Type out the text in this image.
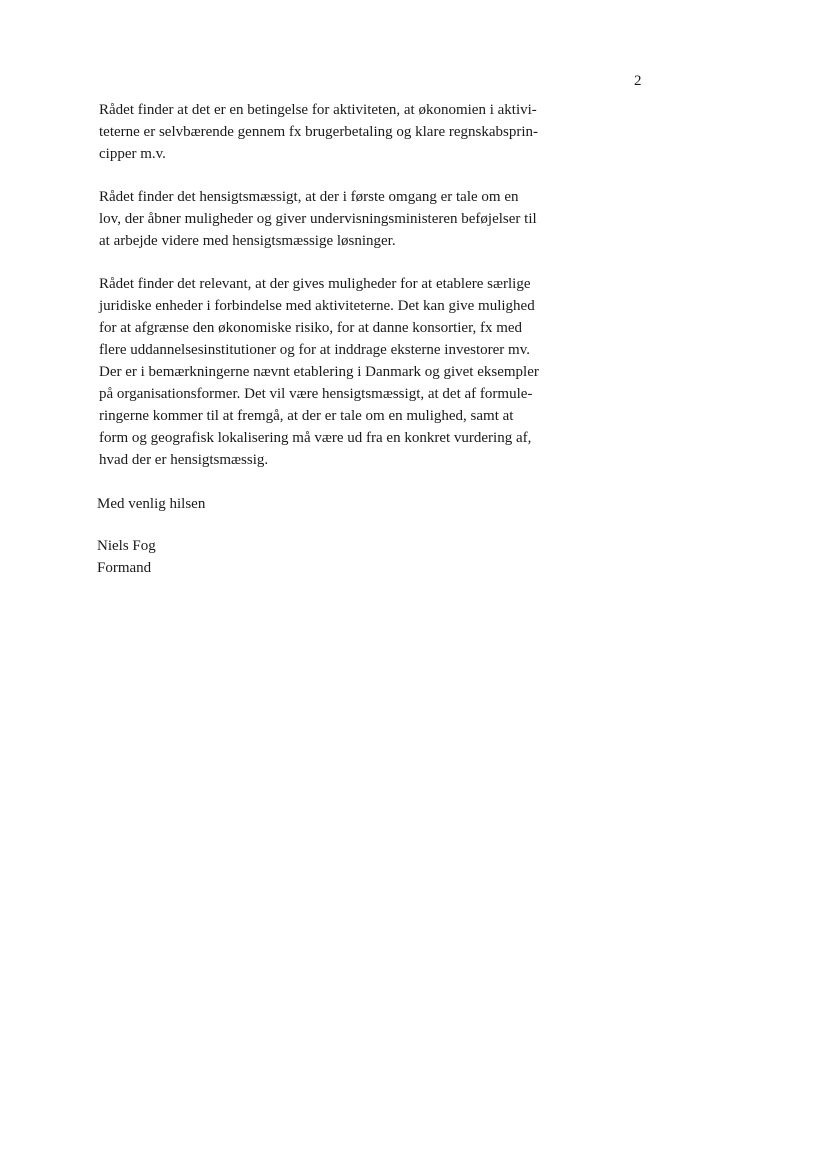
2
Rådet finder at det er en betingelse for aktiviteten, at økonomien i aktivi-
teterne er selvbærende gennem fx brugerbetaling og klare regnskabsprin-
cipper m.v.
Rådet finder det hensigtsmæssigt, at der i første omgang er tale om en
lov, der åbner muligheder og giver undervisningsministeren beføjelser til
at arbejde videre med hensigtsmæssige løsninger.
Rådet finder det relevant, at der gives muligheder for at etablere særlige
juridiske enheder i forbindelse med aktiviteterne. Det kan give mulighed
for at afgrænse den økonomiske risiko, for at danne konsortier, fx med
flere uddannelsesinstitutioner og for at inddrage eksterne investorer mv.
Der er i bemærkningerne nævnt etablering i Danmark og givet eksempler
på organisationsformer. Det vil være hensigtsmæssigt, at det af formule-
ringerne kommer til at fremgå, at der er tale om en mulighed, samt at
form og geografisk lokalisering må være ud fra en konkret vurdering af,
hvad der er hensigtsmæssig.
Med venlig hilsen
Niels Fog
Formand
